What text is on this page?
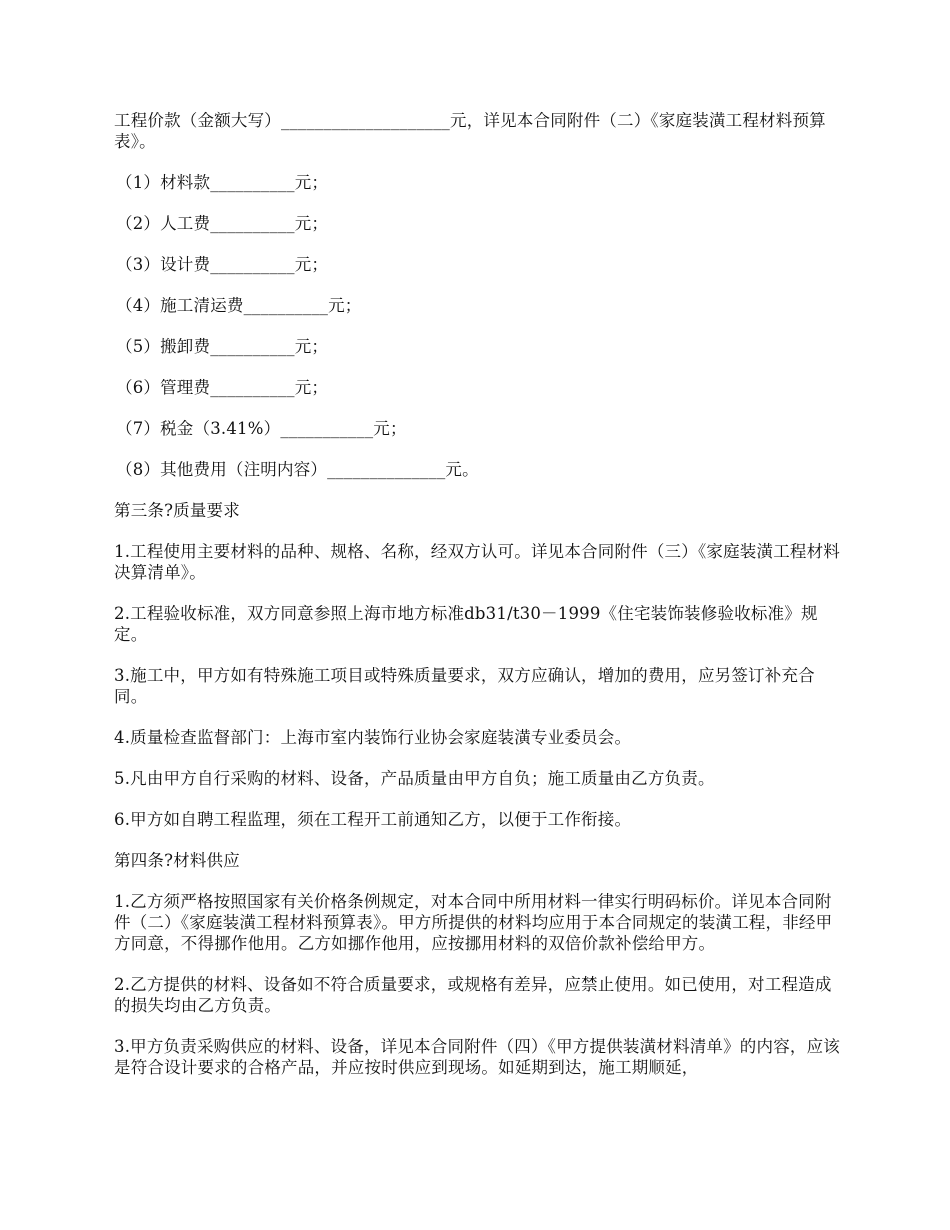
工程价款（金额大写）____________________元，详见本合同附件（二）《家庭装潢工程材料预算表》。

（1）材料款__________元；

（2）人工费__________元；

（3）设计费__________元；

（4）施工清运费__________元；

（5）搬卸费__________元；

（6）管理费__________元；

（7）税金（3.41%）___________元；

（8）其他费用（注明内容）______________元。

第三条?质量要求

1.工程使用主要材料的品种、规格、名称，经双方认可。详见本合同附件（三）《家庭装潢工程材料决算清单》。

2.工程验收标准，双方同意参照上海市地方标准db31/t30－1999《住宅装饰装修验收标准》规定。

3.施工中，甲方如有特殊施工项目或特殊质量要求，双方应确认，增加的费用，应另签订补充合同。

4.质量检查监督部门：上海市室内装饰行业协会家庭装潢专业委员会。

5.凡由甲方自行采购的材料、设备，产品质量由甲方自负；施工质量由乙方负责。

6.甲方如自聘工程监理，须在工程开工前通知乙方，以便于工作衔接。

第四条?材料供应

1.乙方须严格按照国家有关价格条例规定，对本合同中所用材料一律实行明码标价。详见本合同附件（二）《家庭装潢工程材料预算表》。甲方所提供的材料均应用于本合同规定的装潢工程，非经甲方同意，不得挪作他用。乙方如挪作他用，应按挪用材料的双倍价款补偿给甲方。

2.乙方提供的材料、设备如不符合质量要求，或规格有差异，应禁止使用。如已使用，对工程造成的损失均由乙方负责。

3.甲方负责采购供应的材料、设备，详见本合同附件（四）《甲方提供装潢材料清单》的内容，应该是符合设计要求的合格产品，并应按时供应到现场。如延期到达，施工期顺延，
